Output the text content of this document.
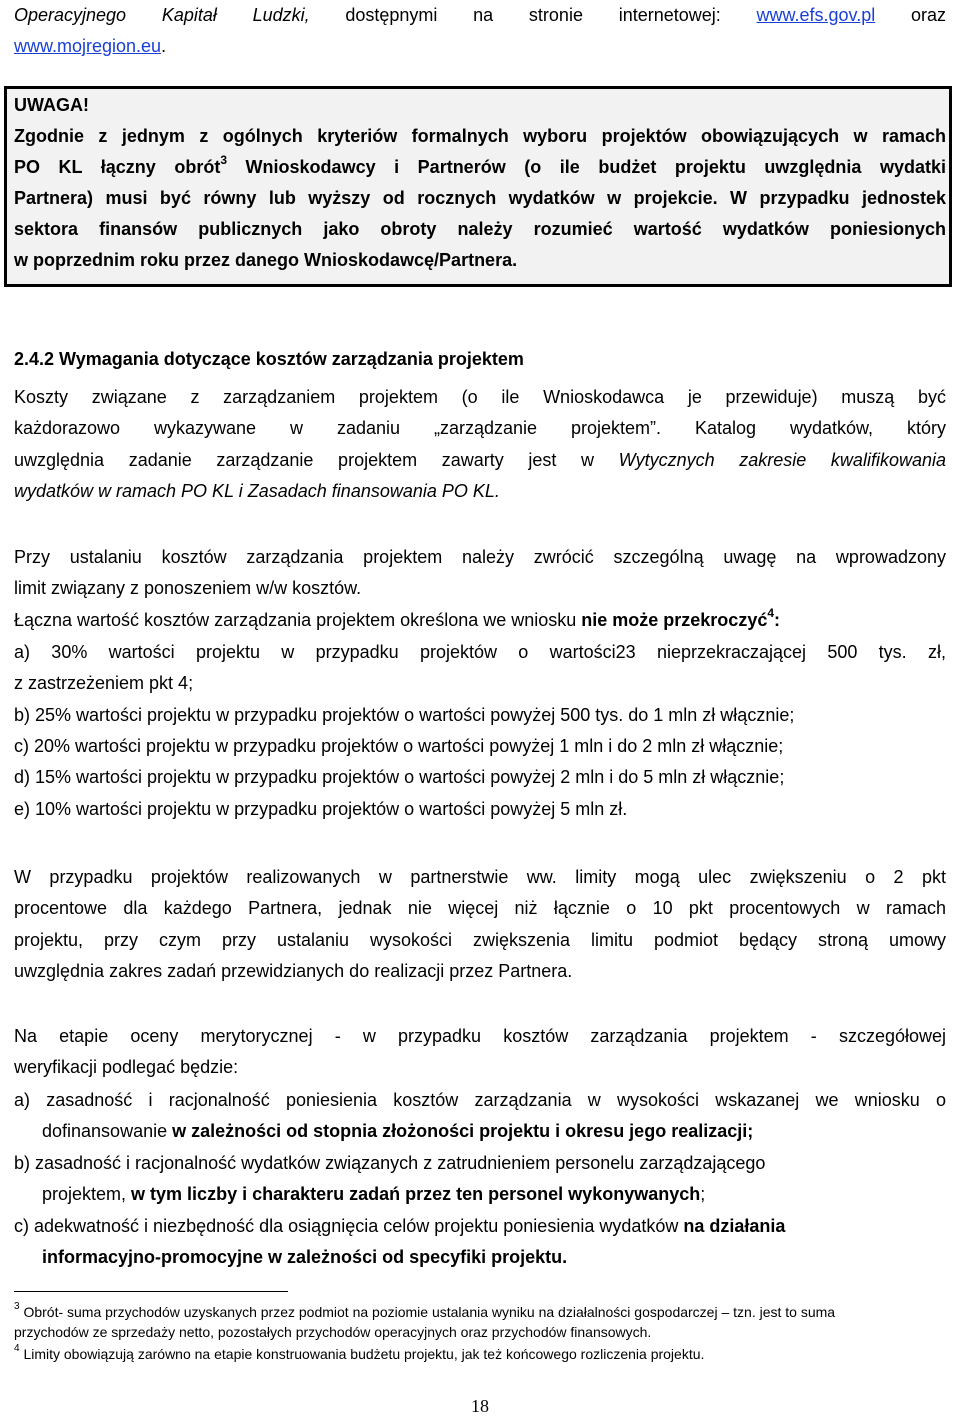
Operacyjnego Kapitał Ludzki, dostępnymi na stronie internetowej: www.efs.gov.pl oraz
www.mojregion.eu.
UWAGA!
Zgodnie z jednym z ogólnych kryteriów formalnych wyboru projektów obowiązujących w ramach
PO KL łączny obrót$^3$ Wnioskodawcy i Partnerów (o ile budżet projektu uwzględnia wydatki
Partnera) musi być równy lub wyższy od rocznych wydatków w projekcie. W przypadku jednostek
sektora finansów publicznych jako obroty należy rozumieć wartość wydatków poniesionych
w poprzednim roku przez danego Wnioskodawcę/Partnera.
2.4.2 Wymagania dotyczące kosztów zarządzania projektem
Koszty związane z zarządzaniem projektem (o ile Wnioskodawca je przewiduje) muszą być
każdorazowo wykazywane w zadaniu „zarządzanie projektem”. Katalog wydatków, który
uwzględnia zadanie zarządzanie projektem zawarty jest w Wytycznych zakresie kwalifikowania
wydatków w ramach PO KL i Zasadach finansowania PO KL.
Przy ustalaniu kosztów zarządzania projektem należy zwrócić szczególną uwagę na wprowadzony
limit związany z ponoszeniem w/w kosztów.
Łączna wartość kosztów zarządzania projektem określona we wniosku nie może przekroczyć$^4$:
a) 30% wartości projektu w przypadku projektów o wartości23 nieprzekraczającej 500 tys. zł,
z zastrzeżeniem pkt 4;
b) 25% wartości projektu w przypadku projektów o wartości powyżej 500 tys. do 1 mln zł włącznie;
c) 20% wartości projektu w przypadku projektów o wartości powyżej 1 mln i do 2 mln zł włącznie;
d) 15% wartości projektu w przypadku projektów o wartości powyżej 2 mln i do 5 mln zł włącznie;
e) 10% wartości projektu w przypadku projektów o wartości powyżej 5 mln zł.
W przypadku projektów realizowanych w partnerstwie ww. limity mogą ulec zwiększeniu o 2 pkt
procentowe dla każdego Partnera, jednak nie więcej niż łącznie o 10 pkt procentowych w ramach
projektu, przy czym przy ustalaniu wysokości zwiększenia limitu podmiot będący stroną umowy
uwzględnia zakres zadań przewidzianych do realizacji przez Partnera.
Na etapie oceny merytorycznej - w przypadku kosztów zarządzania projektem - szczegółowej
weryfikacji podlegać będzie:
a) zasadność i racjonalność poniesienia kosztów zarządzania w wysokości wskazanej we wniosku o
dofinansowanie w zależności od stopnia złożoności projektu i okresu jego realizacji;
b) zasadność i racjonalność wydatków związanych z zatrudnieniem personelu zarządzającego
projektem, w tym liczby i charakteru zadań przez ten personel wykonywanych;
c) adekwatność i niezbędność dla osiągnięcia celów projektu poniesienia wydatków na działania
informacyjno-promocyjne w zależności od specyfiki projektu.
$^3$ Obrót- suma przychodów uzyskanych przez podmiot na poziomie ustalania wyniku na działalności gospodarczej – tzn. jest to suma
przychodów ze sprzedaży netto, pozostałych przychodów operacyjnych oraz przychodów finansowych.
$^4$ Limity obowiązują zarówno na etapie konstruowania budżetu projektu, jak też końcowego rozliczenia projektu.
18
